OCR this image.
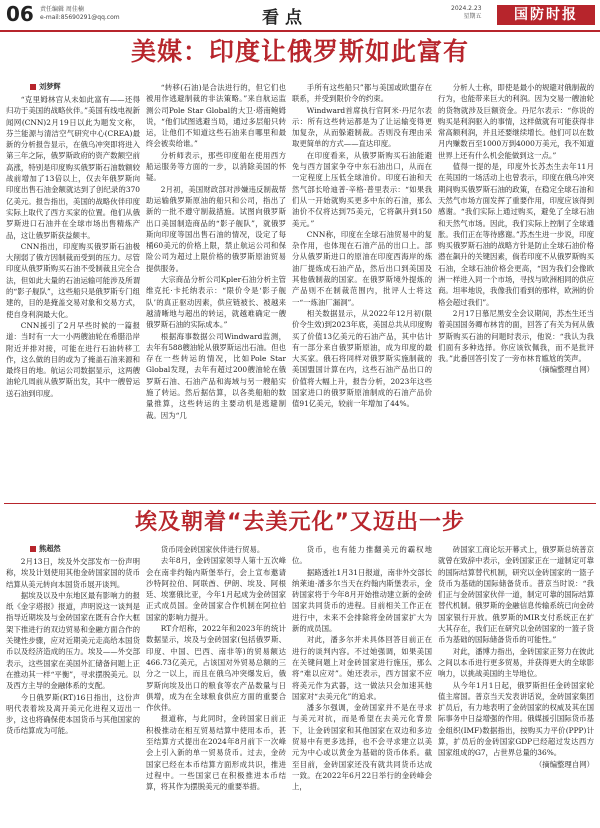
06 责任编辑 周佳楠
e-mail:85690291@qq.com	看点	2024.2.23
星期五	国防时报
美媒：印度让俄罗斯如此富有
刘梦辉

“克里姆林宫从未如此富有——还得归功于美国的战略伙伴。”美国有线电视新闻网(CNN)2月19日以此为题发文称，芬兰能源与清洁空气研究中心(CREA)最新的分析报告显示，在俄乌冲突即将进入第三年之际，俄罗斯政府的资产数额空前高涨，特别是印度购买俄罗斯石油数额较战前增加了13倍以上，仅去年俄罗斯向印度出售石油金额就达到了创纪录的370亿美元。报告指出，美国的战略伙伴印度实际上取代了西方买家的位置。他们从俄罗斯进口石油并在全球市场出售精炼产品，这让俄罗斯获益颇丰。

CNN指出，印度购买俄罗斯石油极大削弱了俄方因制裁而受到的压力。尽管印度从俄罗斯购买石油不受制裁且完全合法，但如此大量的石油运输可能涉及所谓的“影子舰队”，这些船只是俄罗斯专门组建的，目的是掩盖交易对象和交易方式，使自身利润最大化。

CNN援引了2月早些时候的一篇报道：当时有一大一小两艘油轮在希腊沿岸附近并排对接，可能在进行石油转移工作，这么做的目的或为了掩盖石油来源和最终目的地。航运公司数据显示，这两艘油轮几周前从俄罗斯出发，其中一艘曾运送石油到印度。

“转移(石油)是合法进行的，但它们也被用作逃避制裁的非法策略。”来自航运监测公司Pole Star Global的大卫·塔南鲍姆说，“他们试图逃避当局，通过多层船只转运，让他们不知道这些石油来自哪里和最终会被卖给谁。”

分析师表示，那些印度船在使用西方船运服务等方面的一步，以消除美国的怀疑。

2月初，美国财政部对涉嫌违反制裁帮助运输俄罗斯原油的船只和公司，指出了新的一批不遵守制裁措施。试图向俄罗斯出口美国制造商品的“影子舰队”，就俄罗斯向印度等国出售石油的情况，设定了每桶60美元的价格上限，禁止航运公司和保险公司为超过上限价格的俄罗斯原油贸易提供服务。

大宗商品分析公司Kpler石油分析主管维克托·卡托纳表示：“限价令是‘影子舰队’的真正驱动因素，供应链被长、被越来越清晰地与超出的转运，就越难确定一艘俄罗斯石油的实际成本。”

根据海事数据公司Windward监测，去年有588艘油轮从俄罗斯运出石油。但也存在一些转运的情况，比如Pole Star Global发现，去年有超过200艘油轮在俄罗斯石油、石油产品和海域与另一艘船实施了转运。然后据估算，以各类船舶的数量推算，这些转运的主要动机是逃避制裁。因为“几

手所有这些船只”都与美国或欧盟存在联系，并受到限价令的约束。

Windward首席执行官阿米·丹尼尔表示：所有这些转运都是为了让运输变得更加复杂，从而躲避制裁。否则没有理由采取更简单的方式——直达印度。

在印度看来，从俄罗斯购买石油能避免与西方国家争夺中东石油出口，从而在一定程度上压低全球油价。印度石油和天然气部长哈迪普·辛格·普里表示：“如果我们从一开始就购买更多中东的石油，那么油价不仅将达到75美元，它将飙升到150美元。”

CNN称，印度在全球石油贸易中的复杂作用，也体现在石油产品的出口上。部分从俄罗斯进口的原油在印度西海岸的炼油厂提炼成石油产品，然后出口到美国及其他俄制裁的国家。在俄罗斯境外提炼的产品则不在制裁范围内，批评人士将这一“一炼油厂漏洞”。

相关数据显示，从2022年12月初(限价令生效)到2023年底，美国总共从印度购买了价值13亿美元的石油产品，其中估计有一部分来自俄罗斯原油，成为印度的最大买家。俄石将同样对俄罗斯实施制裁的美国盟国计算在内，这些石油产品出口的价值将大幅上升，报告分析，2023年这些国家进口的俄罗斯原油制成的石油产品价值91亿美元，较前一年增加了44%。

分析人士称，即使是最小的规避对俄制裁的行为，也能带来巨大的利润。因为交易一艘油轮的货物就涉及巨额资金。丹尼尔表示：“你说的购买是利润驱入的事情，这样做就有可能获得非常高额利润，并且还要继续增长。他们可以在数月内赚数百至1000万到4000万美元，我不知道世界上还有什么机会能做到这一点。”

值得一提的是，印度外长苏杰生去年11月在英国的一场活动上也曾表示，印度在俄乌冲突期间购买俄罗斯石油的政策，在稳定全球石油和天然气市场方面发挥了重要作用，印度应该得到感谢。“我们实际上通过购买，避免了全球石油和天然气市场。因此，我们实际上控制了全球通胀。我们正在等待感谢。”苏杰生进一步说，印度购买俄罗斯石油的战略方针是防止全球石油价格潜在飙升的关键因素，倘若印度不从俄罗斯购买石油，全球石油价格会更高，“因为我们会像欧洲一样进入同一个市场，寻找与欧洲相同的供应商。坦率地说，我像我们看到的那样，欧洲的价格会超过我们”。

2月17日慕尼黑安全会议期间，苏杰生还当着美国国务卿布林肯的面，回答了有关为何从俄罗斯购买石油的问题时表示，他说：“我认为我们面有多种选择。你应该钦佩我，而不是批评我。”此番回答引发了一旁布林肯尴尬的笑声。

（摘编整理自网）

埃及朝着“去美元化”又迈出一步
熊超然

2月13日，埃及外交部发布一份声明称，埃及计划使用其他金砖国家国的货币结算从美元转向本国货币展开谈判。

据埃及以及中东地区最有影响力的报纸《金字塔报》报道，声明说这一谈判是指导近期埃及与金砖国家在既有合作大框架下推进行的双边贸易和金融方面合作的关键性步骤，应对近期美元走高给本国货币以及经济造成的压力。埃及——外交部表示，这些国家在美国外汇储备问题上正在推动其一样“平衡”，寻求摆脱美元。以及西方主导的金融体系的支配。

今日俄罗斯(RT)16日指出，这份声明代表着埃及离开美元化进程又迈出一步，这也将确保使本国货币与其他国家的货币结算成为可能。

货币同金砖国家伙伴进行贸易。

去年8月，金砖国家领导人第十五次峰会在南非约翰内斯堡举行，会上宣布邀请沙特阿拉伯、阿联酋、伊朗、埃及、阿根廷、埃塞俄比亚，今年1月起成为金砖国家正式成员国。金砖国家合作机制在阿拉伯国家的影响力提升。

RT介绍称，2022年和2023年的统计数据显示，埃及与金砖国家(包括俄罗斯、印度、中国、巴西、南非等)的贸易额达466.73亿美元，占该国对外贸易总额的三分之一以上，而且在俄乌冲突爆发后，俄罗斯向埃及出口的粮食等农产品数量与日俱增，成为在全球粮食供应方面的重要合作伙伴。

报道称，与此同时，金砖国家日前正积极推动在相互贸易结算中使用本币，甚至结算方式提出在2024年8月前下一次峰会上引入新的单一贸易货币。过去，金砖国家已经在本币结算方面形成共识，推进过程中。一些国家已在积极推进本币结算，将其作为摆脱美元的重要举措。

货币，也有能力推翻美元的霸权地位。

据路透社1月31日报道，南非外交部长纳莱迪·潘多尔当天在约翰内斯堡表示，金砖国家将于今年8月开始推动建立新的金砖国家共同货币的进程。目前相关工作正在进行中，未来不会排除将金砖国家扩大为新的成员国。

对此，潘多尔并未具体回答目前正在进行的谈判内容。不过她强调，如果美国在关键问题上对金砖国家进行施压，那么将“难以应对”。她还表示，西方国家不应将美元作为武器，这一做法只会加速其他国家对“去美元化”的追求。

潘多尔强调，金砖国家并不是在寻求与美元对抗，而是希望在去美元化背景下，让金砖国家和其他国家在双边和多边贸易中有更多选择，也不会寻求建立以美元为中心或以黄金为基础的货币体系。截至目前，金砖国家还没有就共同货币达成一致。在2022年6月22日举行的金砖峰会上，

砖国家工商论坛开幕式上，俄罗斯总统普京就曾在致辞中表示，金砖国家正在一道制定可靠的国际结算替代机制，研究以金砖国家的一篮子货币为基础的国际储备货币。普京当时说：“我们正与金砖国家伙伴一道，制定可靠的国际结算替代机制。俄罗斯的金融信息传输系统已向金砖国家银行开放。俄罗斯的MIR支付系统正在扩大其存在，我们正在研究以金砖国家的一篮子货币为基础的国际储备货币的可能性。”

对此，潘博力指出，金砖国家正努力在彼此之间以本币进行更多贸易，并获得更大的全球影响力，以挑战美国的主导地位。

从今年1月1日起，俄罗斯担任金砖国家轮值主席国。普京当天发表讲话说，金砖国家集团扩员后，有力地表明了金砖国家的权威及其在国际事务中日益增强的作用。俄媒援引国际货币基金组织(IMF)数据指出，按购买力平价(PPP)计算，扩员后的金砖国家GDP已经超过发达西方国家组成的G7，占世界总量的36%。

（摘编整理自网）
